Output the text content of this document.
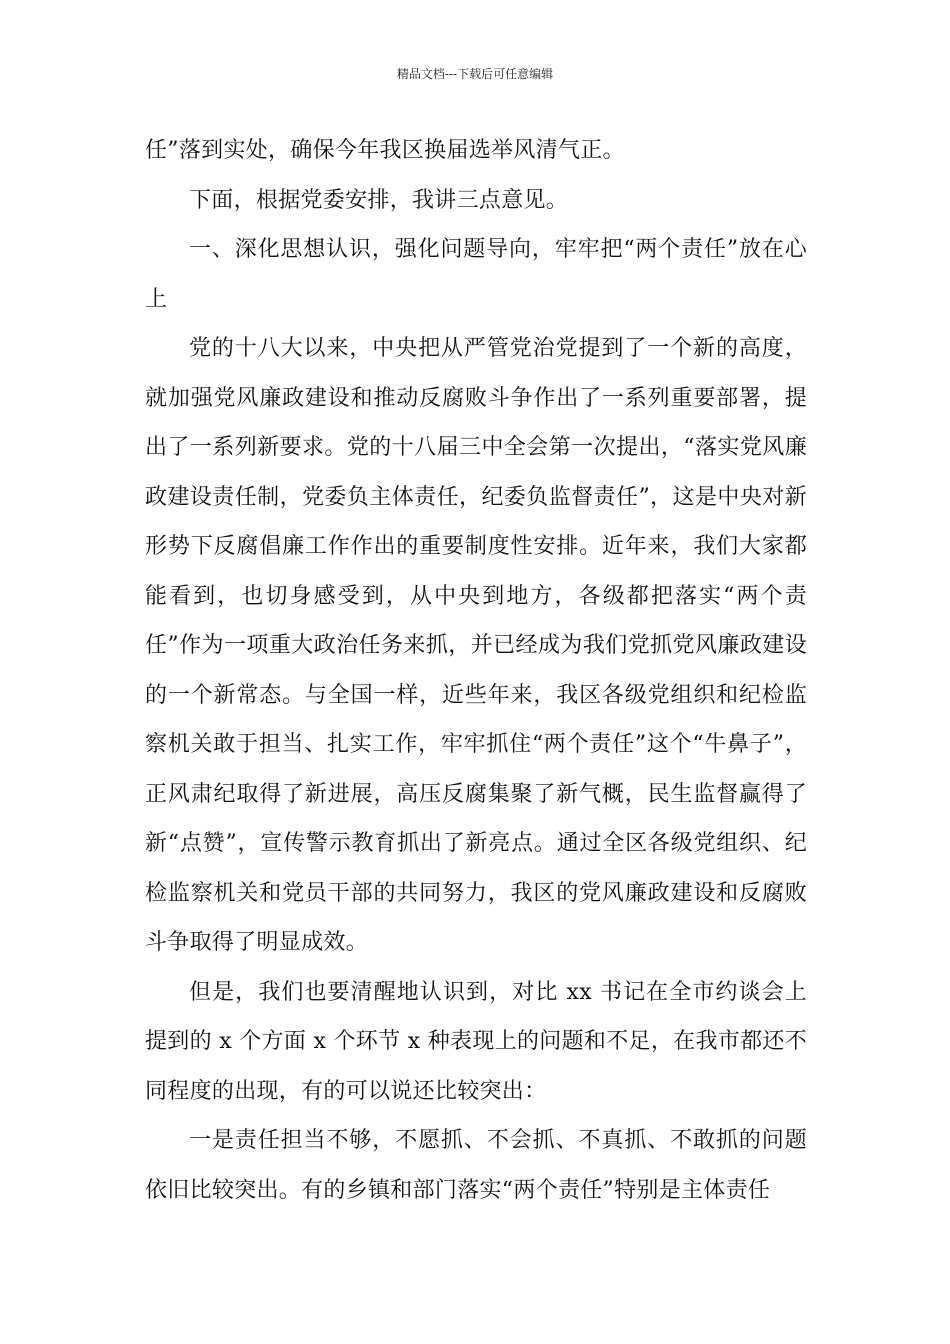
精品文档---下载后可任意编辑

任”落到实处，确保今年我区换届选举风清气正。

下面，根据党委安排，我讲三点意见。

一、深化思想认识，强化问题导向，牢牢把“两个责任”放在心上

党的十八大以来，中央把从严管党治党提到了一个新的高度，就加强党风廉政建设和推动反腐败斗争作出了一系列重要部署，提出了一系列新要求。党的十八届三中全会第一次提出，“落实党风廉政建设责任制，党委负主体责任，纪委负监督责任”，这是中央对新形势下反腐倡廉工作作出的重要制度性安排。近年来，我们大家都能看到，也切身感受到，从中央到地方，各级都把落实“两个责任”作为一项重大政治任务来抓，并已经成为我们党抓党风廉政建设的一个新常态。与全国一样，近些年来，我区各级党组织和纪检监察机关敢于担当、扎实工作，牢牢抓住“两个责任”这个“牛鼻子”，正风肃纪取得了新进展，高压反腐集聚了新气概，民生监督赢得了新“点赞”，宣传警示教育抓出了新亮点。通过全区各级党组织、纪检监察机关和党员干部的共同努力，我区的党风廉政建设和反腐败斗争取得了明显成效。

但是，我们也要清醒地认识到，对比 xx 书记在全市约谈会上提到的 x 个方面 x 个环节 x 种表现上的问题和不足，在我市都还不同程度的出现，有的可以说还比较突出：

一是责任担当不够，不愿抓、不会抓、不真抓、不敢抓的问题依旧比较突出。有的乡镇和部门落实“两个责任”特别是主体责任
